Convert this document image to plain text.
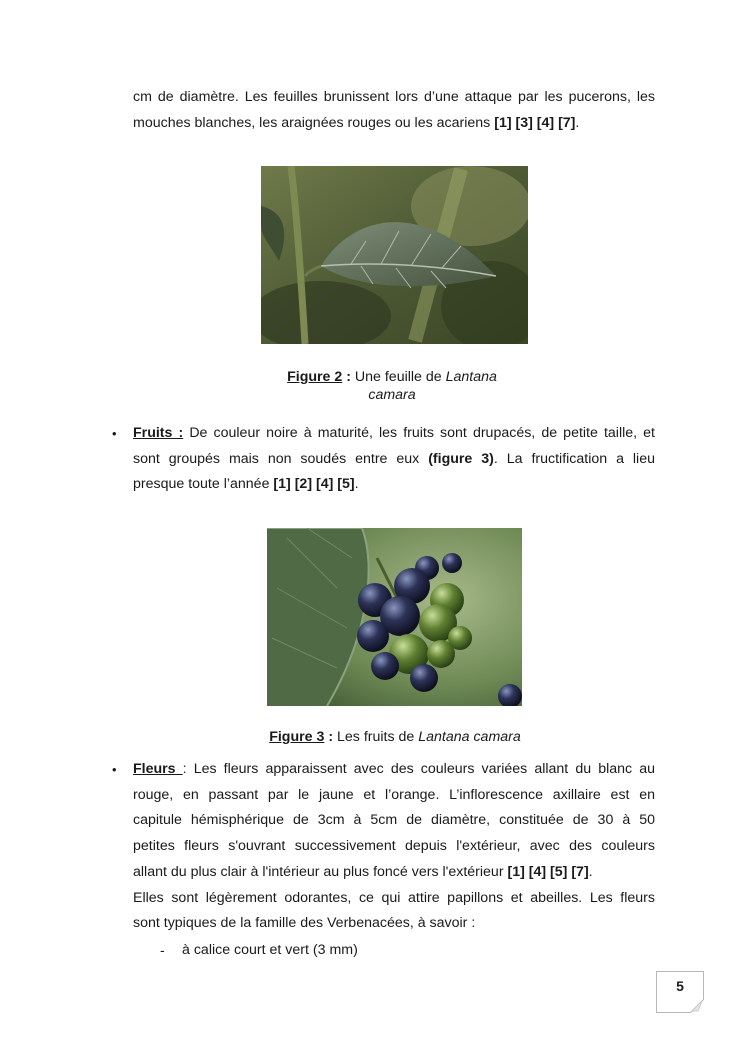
cm de diamètre. Les feuilles brunissent lors d’une attaque par les pucerons, les
mouches blanches, les araignées rouges ou les acariens [1] [3] [4] [7].

Figure 2 : Une feuille de Lantana
camara
• Fruits : De couleur noire à maturité, les fruits sont drupacés, de petite taille, et
sont groupés mais non soudés entre eux (figure 3). La fructification a lieu
presque toute l’année [1] [2] [4] [5].

Figure 3 : Les fruits de Lantana camara
• Fleurs : Les fleurs apparaissent avec des couleurs variées allant du blanc au
rouge, en passant par le jaune et l’orange. L’inflorescence axillaire est en
capitule hémisphérique de 3cm à 5cm de diamètre, constituée de 30 à 50
petites fleurs s'ouvrant successivement depuis l'extérieur, avec des couleurs
allant du plus clair à l'intérieur au plus foncé vers l'extérieur [1] [4] [5] [7].
Elles sont légèrement odorantes, ce qui attire papillons et abeilles. Les fleurs
sont typiques de la famille des Verbenacées, à savoir :

- à calice court et vert (3 mm)
5
